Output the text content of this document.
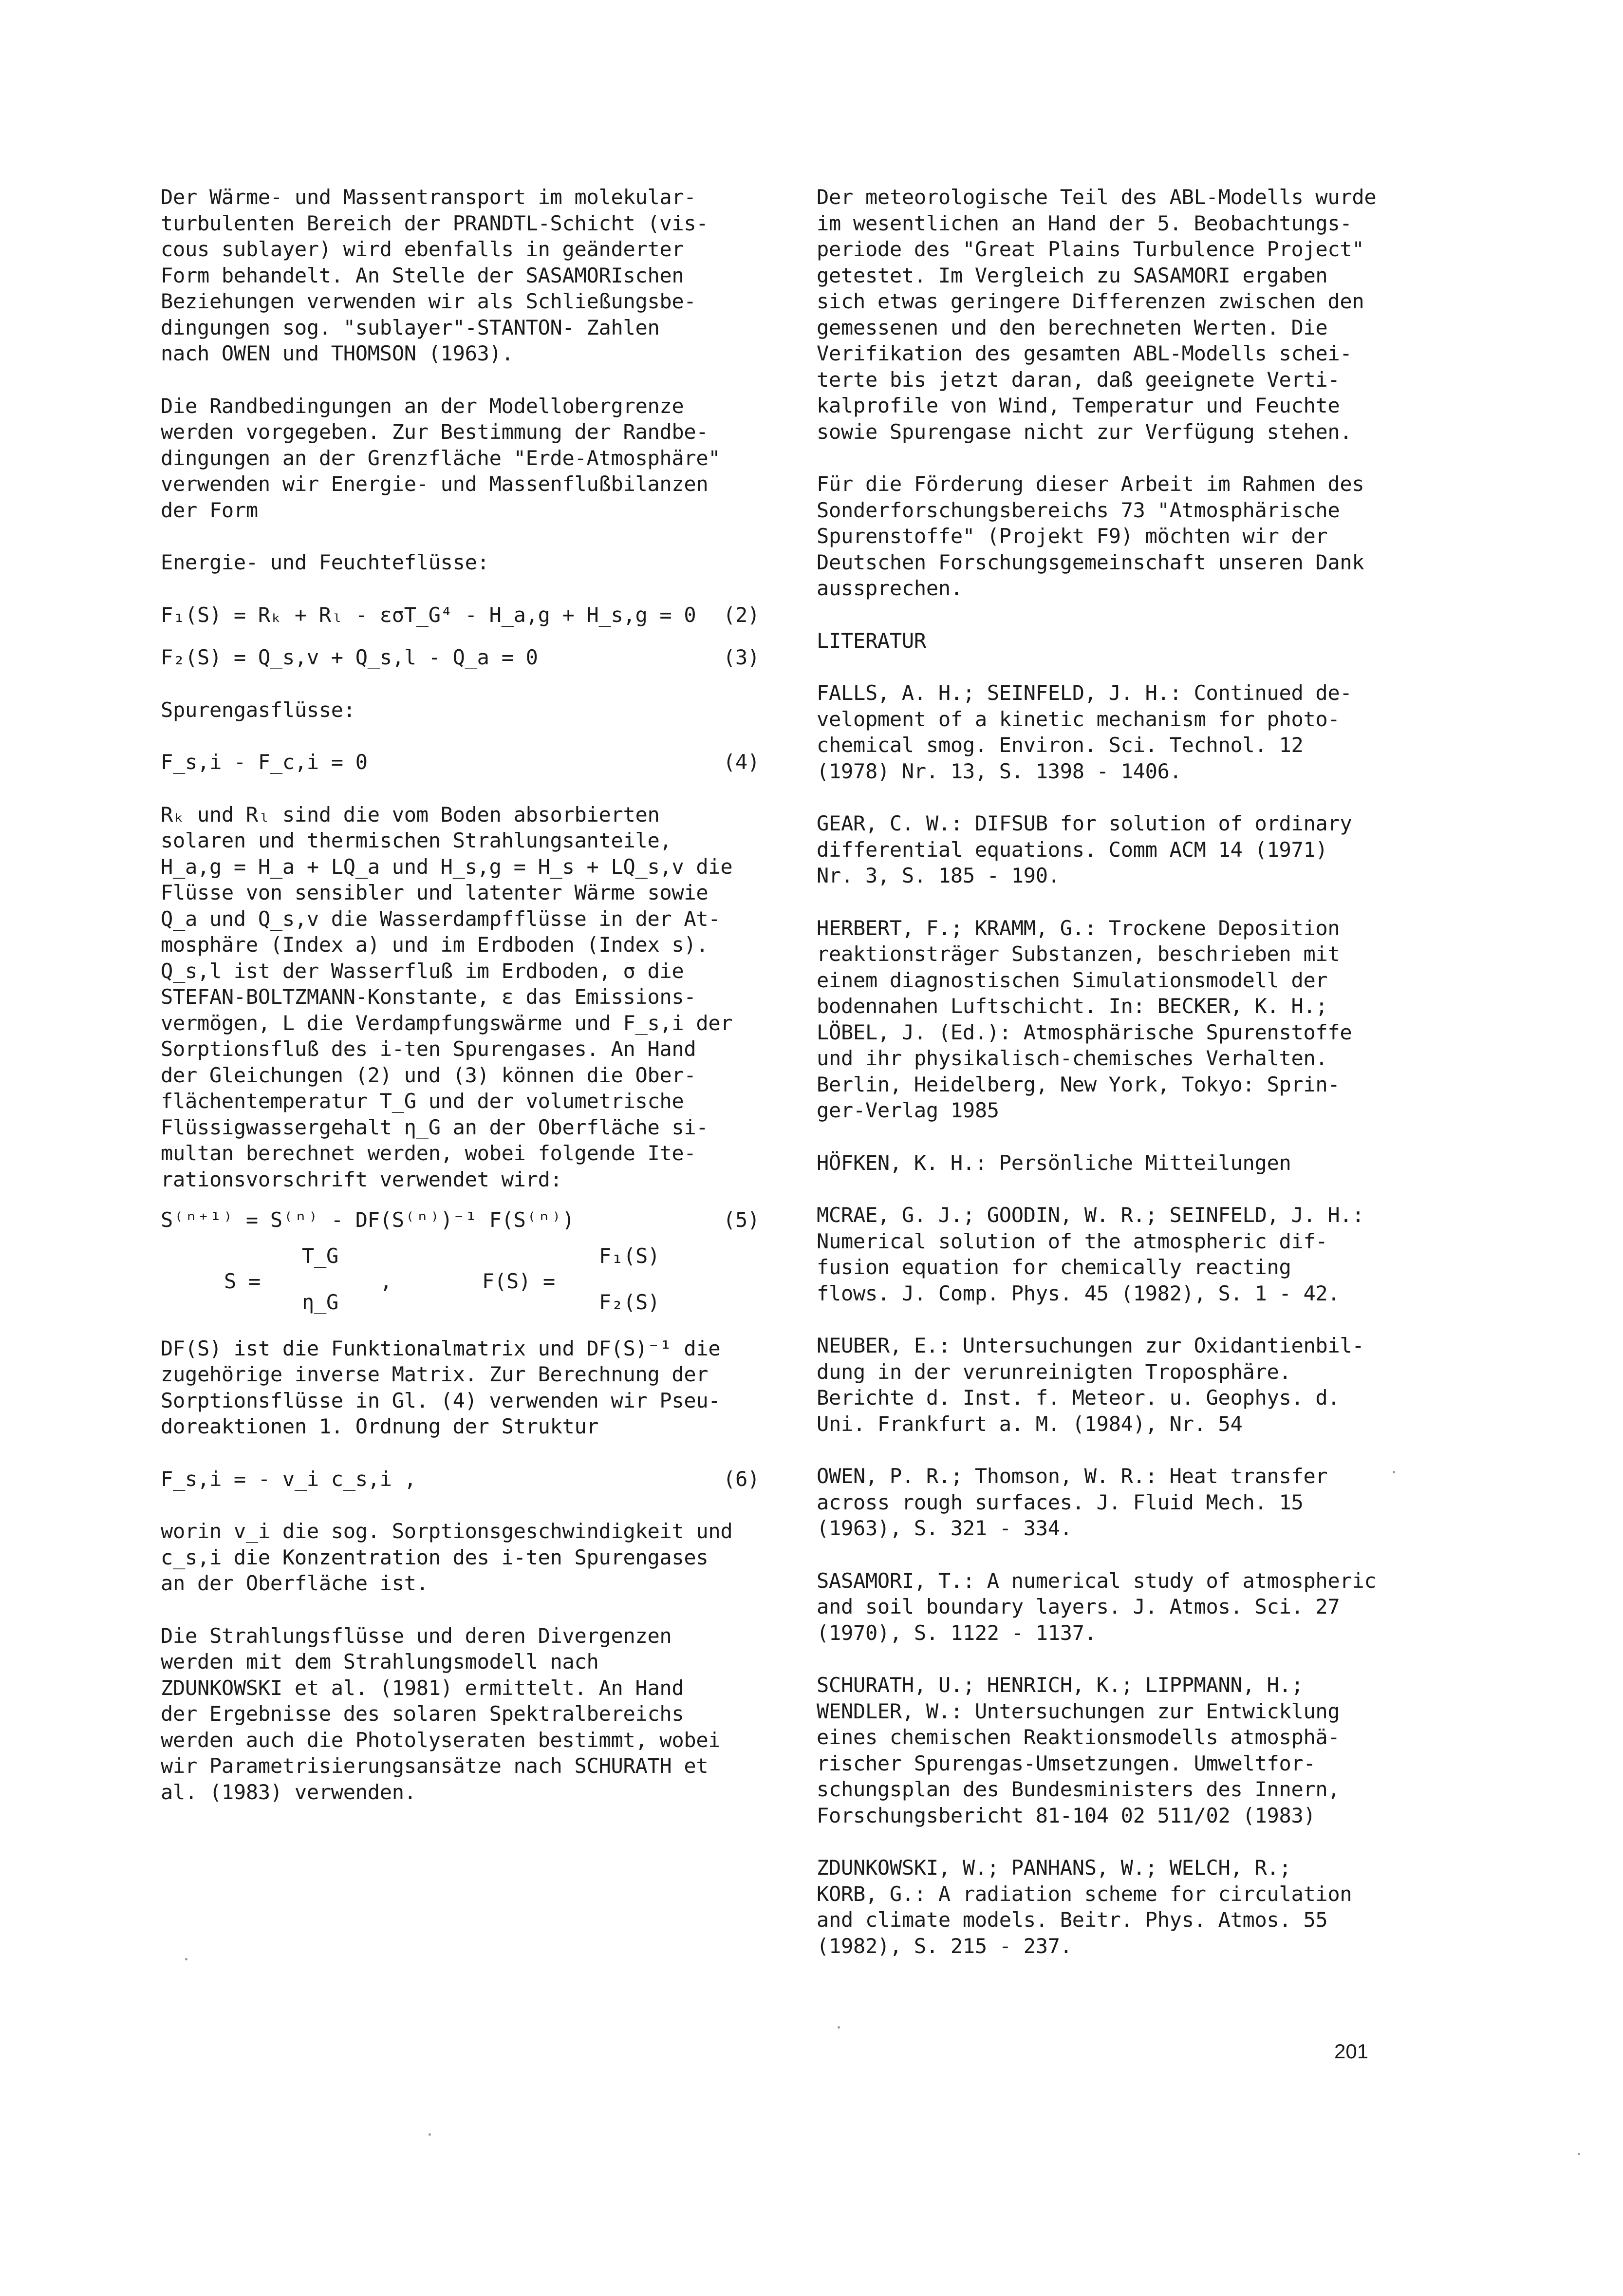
Der Wärme- und Massentransport im molekular-
turbulenten Bereich der PRANDTL-Schicht (vis-
cous sublayer) wird ebenfalls in geänderter
Form behandelt. An Stelle der SASAMORIschen
Beziehungen verwenden wir als Schließungsbe-
dingungen sog. "sublayer"-STANTON- Zahlen
nach OWEN und THOMSON (1963).
Die Randbedingungen an der Modellobergrenze
werden vorgegeben. Zur Bestimmung der Randbe-
dingungen an der Grenzfläche "Erde-Atmosphäre"
verwenden wir Energie- und Massenflußbilanzen
der Form
Energie- und Feuchteflüsse:
F₁(S) = Rₖ + Rₗ - εσT_G⁴ - H_a,g + H_s,g = 0 (2)
F₂(S) = Q_s,v + Q_s,l - Q_a = 0	(3)
Spurengasflüsse:
F_s,i - F_c,i = 0	(4)
Rₖ und Rₗ sind die vom Boden absorbierten
solaren und thermischen Strahlungsanteile,
H_a,g = H_a + LQ_a und H_s,g = H_s + LQ_s,v die
Flüsse von sensibler und latenter Wärme sowie
Q_a und Q_s,v die Wasserdampfflüsse in der At-
mosphäre (Index a) und im Erdboden (Index s).
Q_s,l ist der Wasserfluß im Erdboden, σ die
STEFAN-BOLTZMANN-Konstante, ε das Emissions-
vermögen, L die Verdampfungswärme und F_s,i der
Sorptionsfluß des i-ten Spurengases. An Hand
der Gleichungen (2) und (3) können die Ober-
flächentemperatur T_G und der volumetrische
Flüssigwassergehalt η_G an der Oberfläche si-
multan berechnet werden, wobei folgende Ite-
rationsvorschrift verwendet wird:
S⁽ⁿ⁺¹⁾ = S⁽ⁿ⁾ - DF(S⁽ⁿ⁾)⁻¹ F(S⁽ⁿ⁾)	(5)
S =
T_G
η_G
,	F(S) =
F₁(S)
F₂(S)
DF(S) ist die Funktionalmatrix und DF(S)⁻¹ die
zugehörige inverse Matrix. Zur Berechnung der
Sorptionsflüsse in Gl. (4) verwenden wir Pseu-
doreaktionen 1. Ordnung der Struktur
F_s,i = - v_i c_s,i ,	(6)
worin v_i die sog. Sorptionsgeschwindigkeit und
c_s,i die Konzentration des i-ten Spurengases
an der Oberfläche ist.
Die Strahlungsflüsse und deren Divergenzen
werden mit dem Strahlungsmodell nach
ZDUNKOWSKI et al. (1981) ermittelt. An Hand
der Ergebnisse des solaren Spektralbereichs
werden auch die Photolyseraten bestimmt, wobei
wir Parametrisierungsansätze nach SCHURATH et
al. (1983) verwenden.
Der meteorologische Teil des ABL-Modells wurde
im wesentlichen an Hand der 5. Beobachtungs-
periode des "Great Plains Turbulence Project"
getestet. Im Vergleich zu SASAMORI ergaben
sich etwas geringere Differenzen zwischen den
gemessenen und den berechneten Werten. Die
Verifikation des gesamten ABL-Modells schei-
terte bis jetzt daran, daß geeignete Verti-
kalprofile von Wind, Temperatur und Feuchte
sowie Spurengase nicht zur Verfügung stehen.
Für die Förderung dieser Arbeit im Rahmen des
Sonderforschungsbereichs 73 "Atmosphärische
Spurenstoffe" (Projekt F9) möchten wir der
Deutschen Forschungsgemeinschaft unseren Dank
aussprechen.
LITERATUR
FALLS, A. H.; SEINFELD, J. H.: Continued de-
velopment of a kinetic mechanism for photo-
chemical smog. Environ. Sci. Technol. 12
(1978) Nr. 13, S. 1398 - 1406.
GEAR, C. W.: DIFSUB for solution of ordinary
differential equations. Comm ACM 14 (1971)
Nr. 3, S. 185 - 190.
HERBERT, F.; KRAMM, G.: Trockene Deposition
reaktionsträger Substanzen, beschrieben mit
einem diagnostischen Simulationsmodell der
bodennahen Luftschicht. In: BECKER, K. H.;
LÖBEL, J. (Ed.): Atmosphärische Spurenstoffe
und ihr physikalisch-chemisches Verhalten.
Berlin, Heidelberg, New York, Tokyo: Sprin-
ger-Verlag 1985
HÖFKEN, K. H.: Persönliche Mitteilungen
MCRAE, G. J.; GOODIN, W. R.; SEINFELD, J. H.:
Numerical solution of the atmospheric dif-
fusion equation for chemically reacting
flows. J. Comp. Phys. 45 (1982), S. 1 - 42.
NEUBER, E.: Untersuchungen zur Oxidantienbil-
dung in der verunreinigten Troposphäre.
Berichte d. Inst. f. Meteor. u. Geophys. d.
Uni. Frankfurt a. M. (1984), Nr. 54
OWEN, P. R.; Thomson, W. R.: Heat transfer
across rough surfaces. J. Fluid Mech. 15
(1963), S. 321 - 334.
SASAMORI, T.: A numerical study of atmospheric
and soil boundary layers. J. Atmos. Sci. 27
(1970), S. 1122 - 1137.
SCHURATH, U.; HENRICH, K.; LIPPMANN, H.;
WENDLER, W.: Untersuchungen zur Entwicklung
eines chemischen Reaktionsmodells atmosphä-
rischer Spurengas-Umsetzungen. Umweltfor-
schungsplan des Bundesministers des Innern,
Forschungsbericht 81-104 02 511/02 (1983)
ZDUNKOWSKI, W.; PANHANS, W.; WELCH, R.;
KORB, G.: A radiation scheme for circulation
and climate models. Beitr. Phys. Atmos. 55
(1982), S. 215 - 237.
201
